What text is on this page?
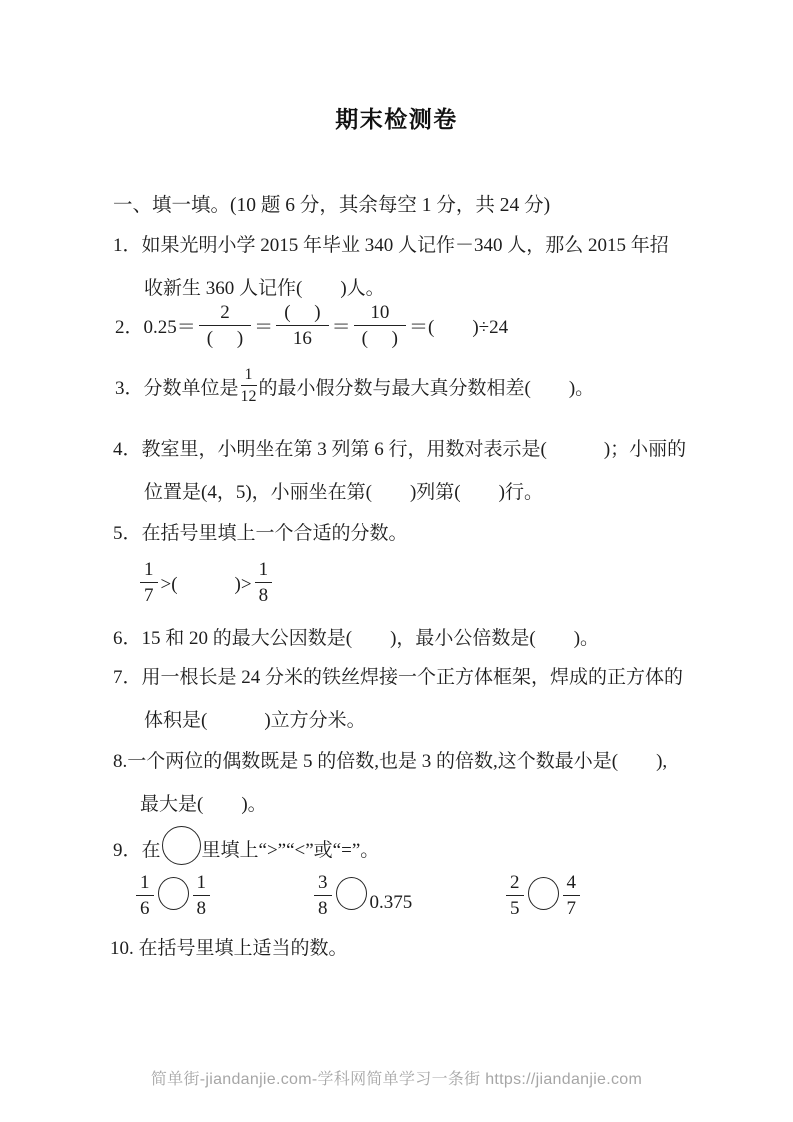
期末检测卷
一、填一填。(10 题 6 分，其余每空 1 分，共 24 分)
1．如果光明小学 2015 年毕业 340 人记作－340 人，那么 2015 年招
收新生 360 人记作(　　)人。
2．$0.25= \frac{2}{( )} = \frac{( )}{16} = \frac{10}{( )}$ ＝(　　)÷24
3．分数单位是 $\frac{1}{12}$ 的最小假分数与最大真分数相差(　　)。
4．教室里，小明坐在第 3 列第 6 行，用数对表示是(　　　)；小丽的
位置是(4，5)，小丽坐在第(　　)列第(　　)行。
5．在括号里填上一个合适的分数。
$\frac{1}{7}$ >(　　　)> $\frac{1}{8}$
6．15 和 20 的最大公因数是(　　)，最小公倍数是(　　)。
7．用一根长是 24 分米的铁丝焊接一个正方体框架，焊成的正方体的
体积是(　　　)立方分米。
8.一个两位的偶数既是 5 的倍数,也是 3 的倍数,这个数最小是(　　),
最大是(　　)。
9．在 里填上“>”“<”或“=”。
$\frac{1}{6} \frac{1}{8}$	$\frac{3}{8} 0.375$	$\frac{2}{5} \frac{4}{7}$
10. 在括号里填上适当的数。
简单街-jiandanjie.com-学科网简单学习一条街 https://jiandanjie.com
